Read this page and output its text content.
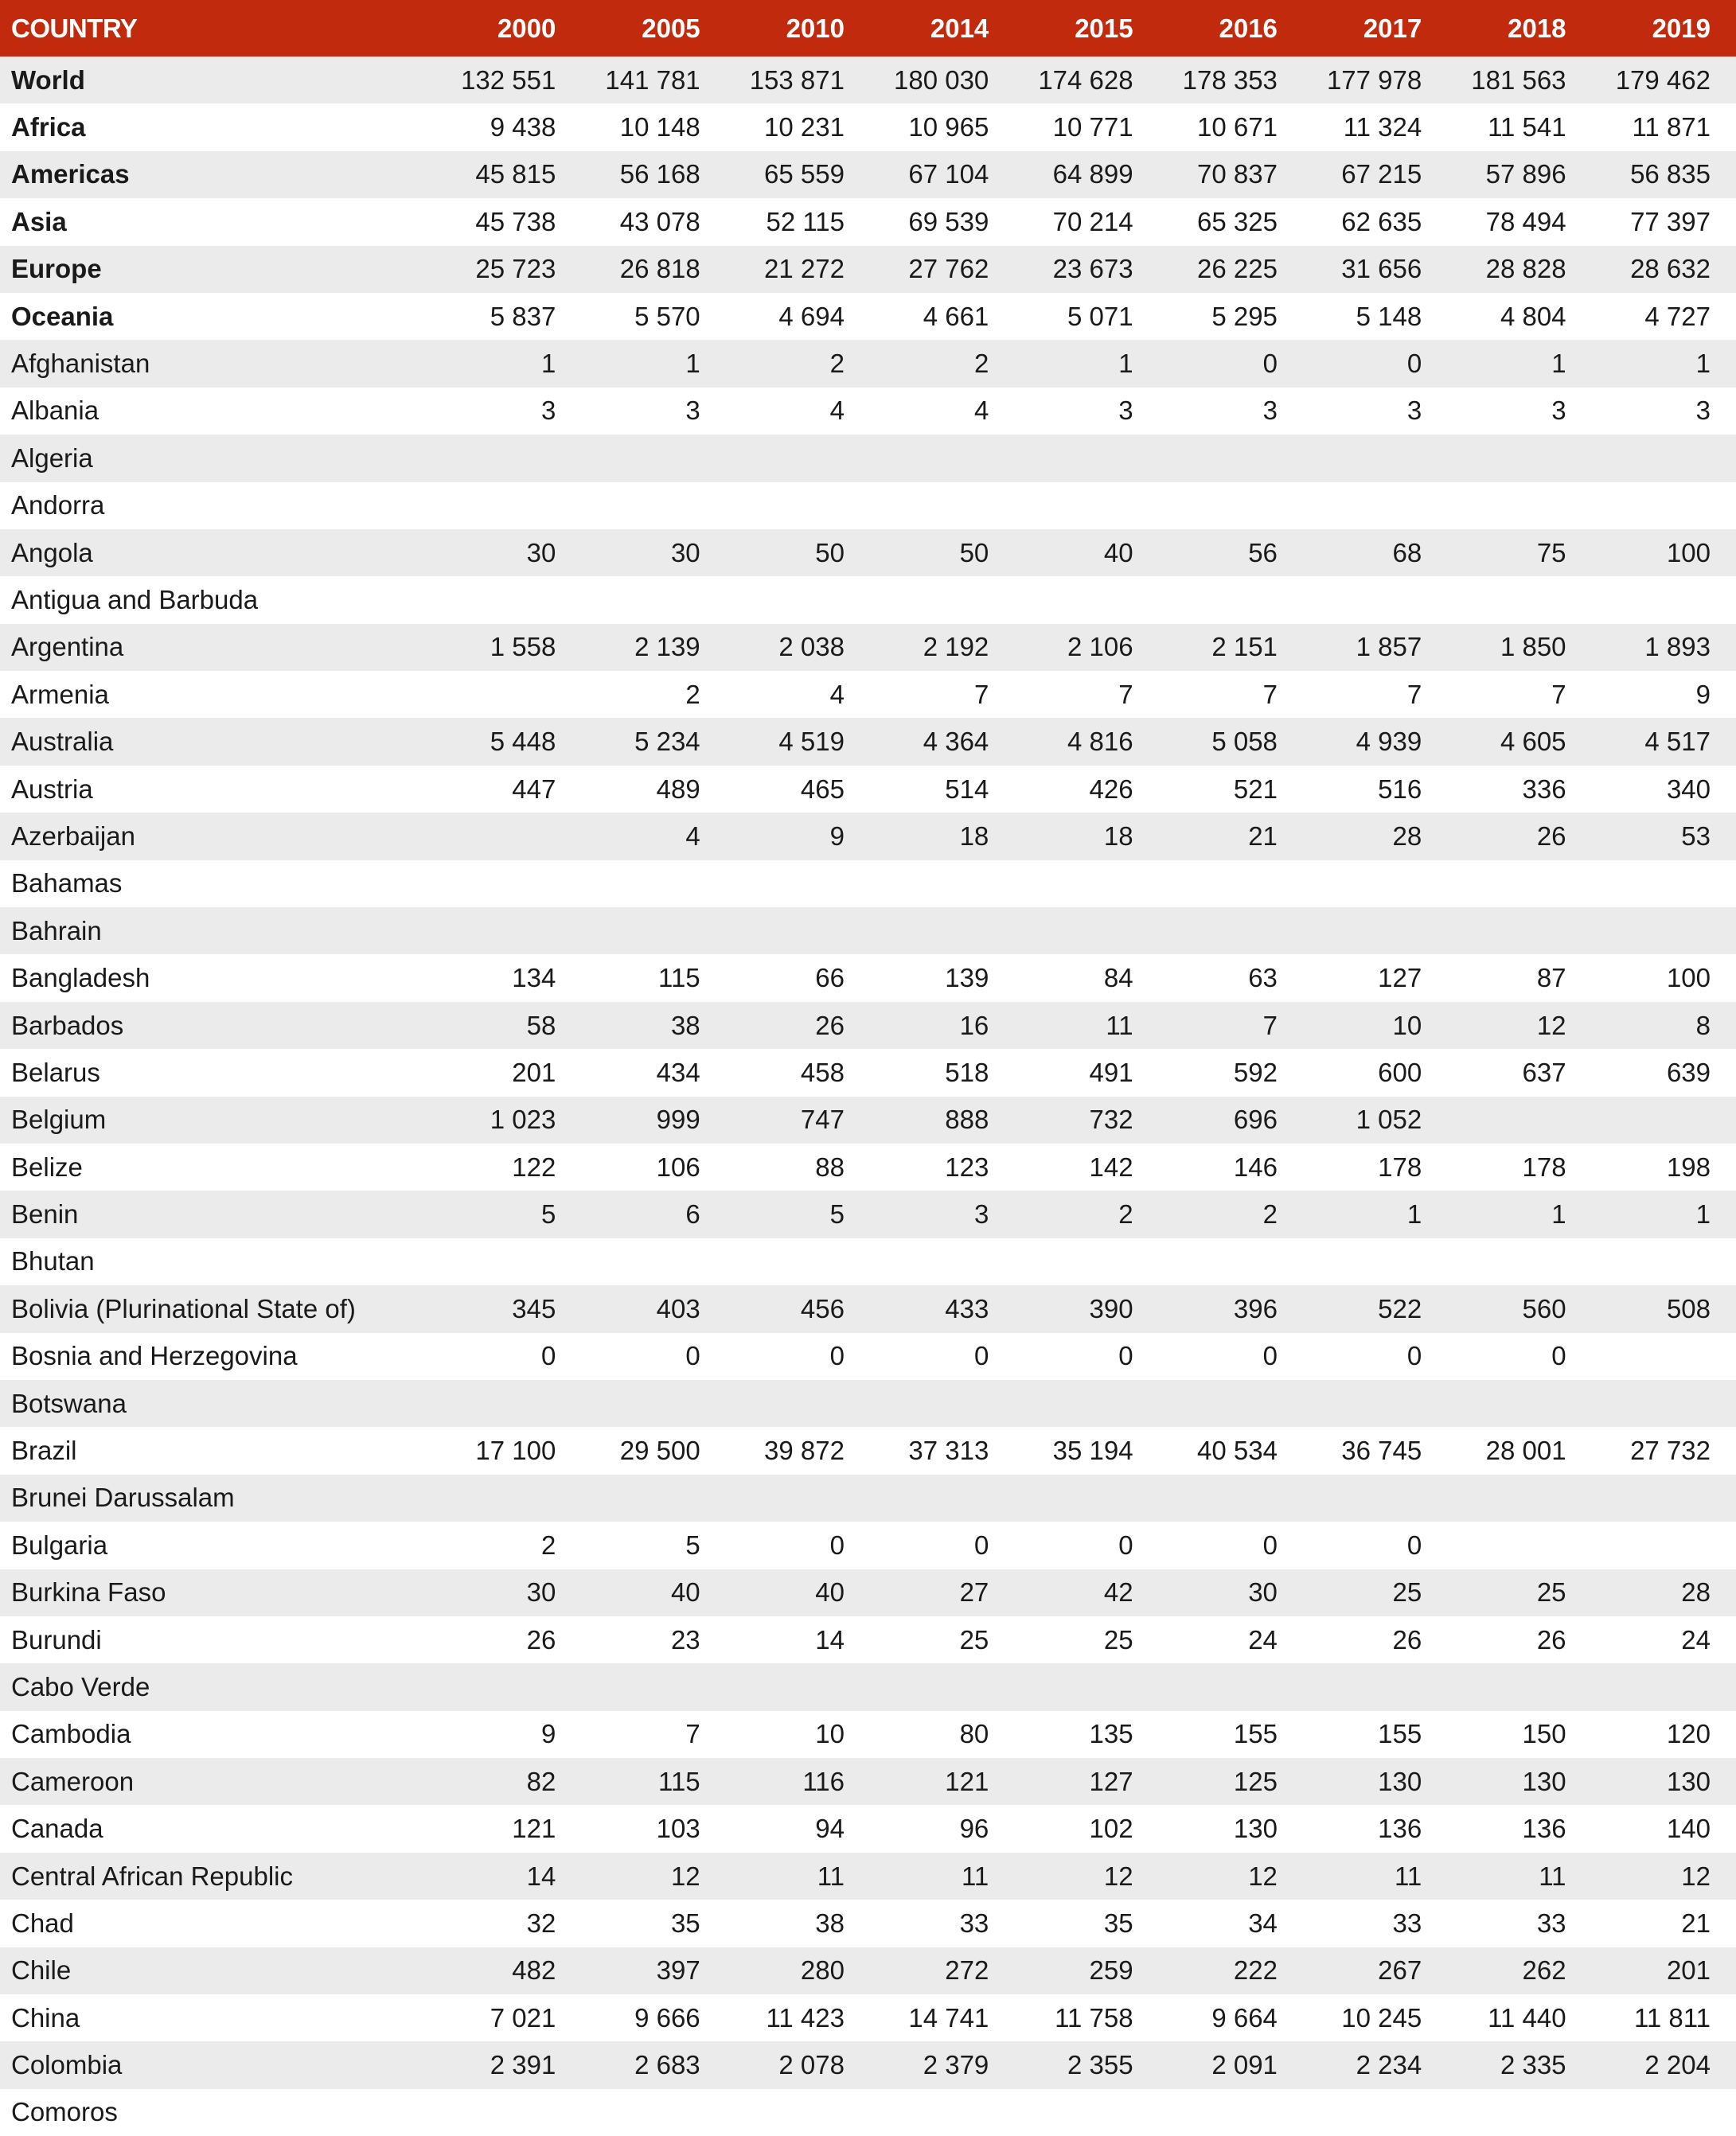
COUNTRY	2000	2005	2010	2014	2015	2016	2017	2018	2019
World	132 551	141 781	153 871	180 030	174 628	178 353	177 978	181 563	179 462
Africa	9 438	10 148	10 231	10 965	10 771	10 671	11 324	11 541	11 871
Americas	45 815	56 168	65 559	67 104	64 899	70 837	67 215	57 896	56 835
Asia	45 738	43 078	52 115	69 539	70 214	65 325	62 635	78 494	77 397
Europe	25 723	26 818	21 272	27 762	23 673	26 225	31 656	28 828	28 632
Oceania	5 837	5 570	4 694	4 661	5 071	5 295	5 148	4 804	4 727
Afghanistan	1	1	2	2	1	0	0	1	1
Albania	3	3	4	4	3	3	3	3	3
Algeria									
Andorra									
Angola	30	30	50	50	40	56	68	75	100
Antigua and Barbuda									
Argentina	1 558	2 139	2 038	2 192	2 106	2 151	1 857	1 850	1 893
Armenia		2	4	7	7	7	7	7	9
Australia	5 448	5 234	4 519	4 364	4 816	5 058	4 939	4 605	4 517
Austria	447	489	465	514	426	521	516	336	340
Azerbaijan		4	9	18	18	21	28	26	53
Bahamas									
Bahrain									
Bangladesh	134	115	66	139	84	63	127	87	100
Barbados	58	38	26	16	11	7	10	12	8
Belarus	201	434	458	518	491	592	600	637	639
Belgium	1 023	999	747	888	732	696	1 052		
Belize	122	106	88	123	142	146	178	178	198
Benin	5	6	5	3	2	2	1	1	1
Bhutan									
Bolivia (Plurinational State of)	345	403	456	433	390	396	522	560	508
Bosnia and Herzegovina	0	0	0	0	0	0	0	0	
Botswana									
Brazil	17 100	29 500	39 872	37 313	35 194	40 534	36 745	28 001	27 732
Brunei Darussalam									
Bulgaria	2	5	0	0	0	0	0		
Burkina Faso	30	40	40	27	42	30	25	25	28
Burundi	26	23	14	25	25	24	26	26	24
Cabo Verde									
Cambodia	9	7	10	80	135	155	155	150	120
Cameroon	82	115	116	121	127	125	130	130	130
Canada	121	103	94	96	102	130	136	136	140
Central African Republic	14	12	11	11	12	12	11	11	12
Chad	32	35	38	33	35	34	33	33	21
Chile	482	397	280	272	259	222	267	262	201
China	7 021	9 666	11 423	14 741	11 758	9 664	10 245	11 440	11 811
Colombia	2 391	2 683	2 078	2 379	2 355	2 091	2 234	2 335	2 204
Comoros									
